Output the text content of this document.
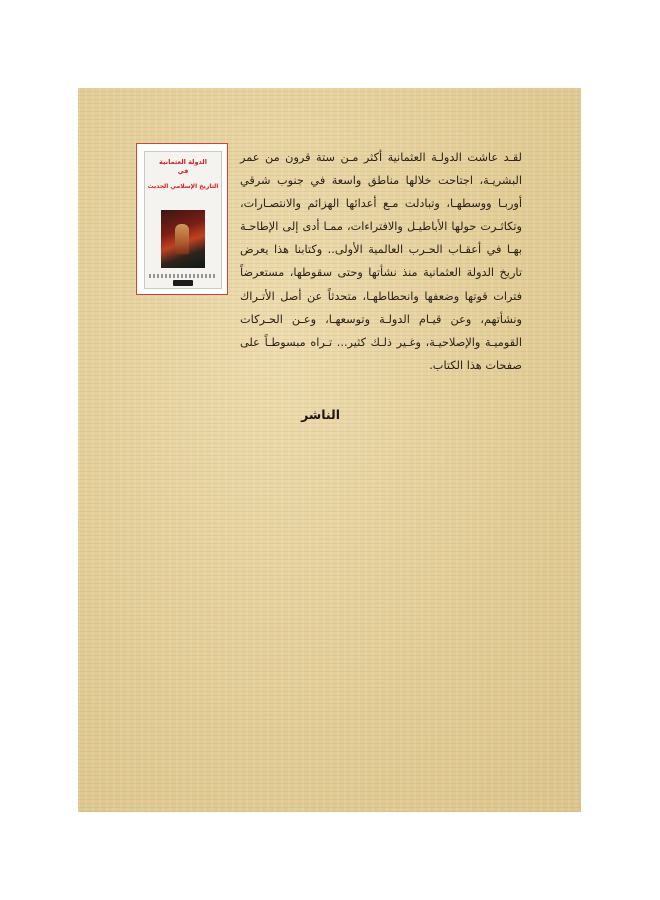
الدولة العثمانية
في
التاريخ الإسلامي الحديث
لقـد عاشت الدولـة العثمانية أكثر مـن ستة قرون من عمر البشريـة، اجتاحت خلالها مناطق واسعة في جنوب شرقي أوربـا ووسطهـا، وتبادلت مـع أعدائها الهزائم والانتصـارات، وتكاثـرت حولها الأباطيـل والافتراءات، ممـا أدى إلى الإطاحـة بهـا في أعقـاب الحـرب العالمية الأولى.. وكتابنا هذا يعرض تاريخ الدولة العثمانية منذ نشأتها وحتى سقوطها، مستعرضاً فترات قوتها وضعفها وانحطاطهـا، متحدثاً عن أصل الأتـراك ونشأتهم، وعن قيـام الدولـة وتوسعهـا، وعـن الحـركات القوميـة والإصلاحيـة، وغـير ذلـك كثير... تـراه مبسوطـاً على صفحات هذا الكتاب.
الناشر
